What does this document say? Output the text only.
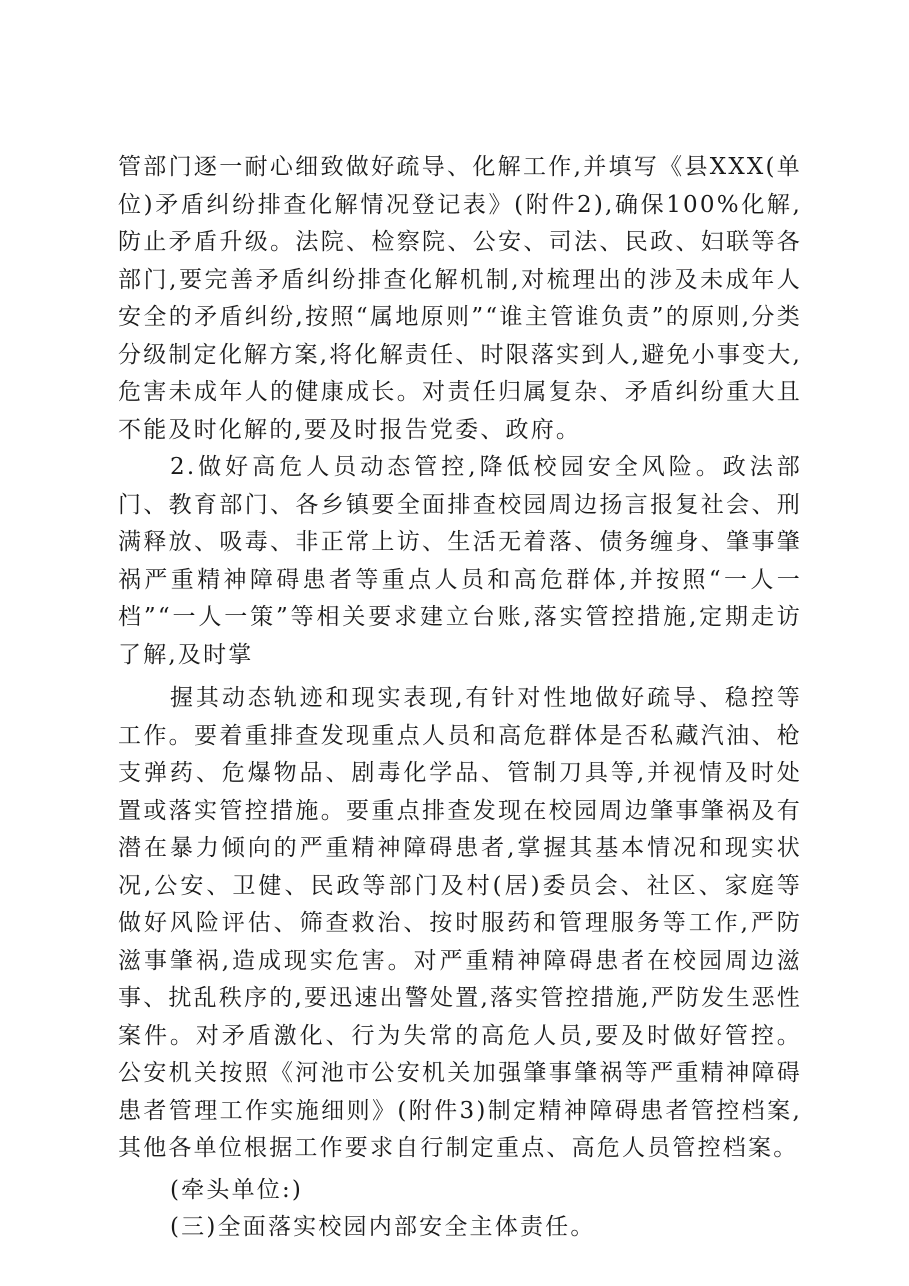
管部门逐一耐心细致做好疏导、化解工作,并填写《县XXX(单位)矛盾纠纷排查化解情况登记表》(附件2),确保100%化解,防止矛盾升级。法院、检察院、公安、司法、民政、妇联等各部门,要完善矛盾纠纷排查化解机制,对梳理出的涉及未成年人安全的矛盾纠纷,按照“属地原则”“谁主管谁负责”的原则,分类分级制定化解方案,将化解责任、时限落实到人,避免小事变大,危害未成年人的健康成长。对责任归属复杂、矛盾纠纷重大且不能及时化解的,要及时报告党委、政府。

2.做好高危人员动态管控,降低校园安全风险。政法部门、教育部门、各乡镇要全面排查校园周边扬言报复社会、刑满释放、吸毒、非正常上访、生活无着落、债务缠身、肇事肇祸严重精神障碍患者等重点人员和高危群体,并按照“一人一档”“一人一策”等相关要求建立台账,落实管控措施,定期走访了解,及时掌

握其动态轨迹和现实表现,有针对性地做好疏导、稳控等工作。要着重排查发现重点人员和高危群体是否私藏汽油、枪支弹药、危爆物品、剧毒化学品、管制刀具等,并视情及时处置或落实管控措施。要重点排查发现在校园周边肇事肇祸及有潜在暴力倾向的严重精神障碍患者,掌握其基本情况和现实状况,公安、卫健、民政等部门及村(居)委员会、社区、家庭等做好风险评估、筛查救治、按时服药和管理服务等工作,严防滋事肇祸,造成现实危害。对严重精神障碍患者在校园周边滋事、扰乱秩序的,要迅速出警处置,落实管控措施,严防发生恶性案件。对矛盾激化、行为失常的高危人员,要及时做好管控。公安机关按照《河池市公安机关加强肇事肇祸等严重精神障碍患者管理工作实施细则》(附件3)制定精神障碍患者管控档案,其他各单位根据工作要求自行制定重点、高危人员管控档案。

(牵头单位:)

(三)全面落实校园内部安全主体责任。
